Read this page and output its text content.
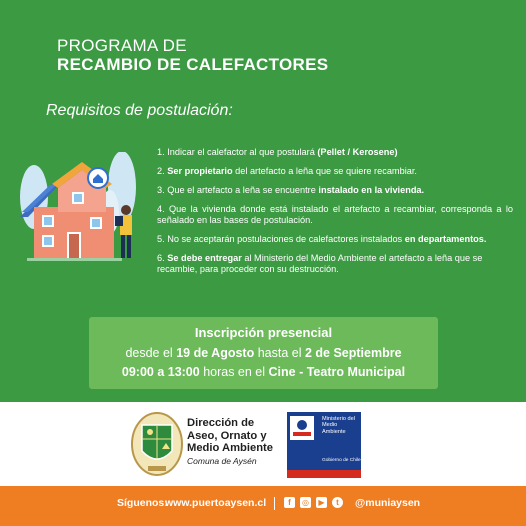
PROGRAMA DE
RECAMBIO DE CALEFACTORES
Requisitos de postulación:

1. Indicar el calefactor al que postulará (Pellet / Kerosene)

2. Ser propietario del artefacto a leña que se quiere recambiar.

3. Que el artefacto a leña se encuentre instalado en la vivienda.

4. Que la vivienda donde está instalado el artefacto a recambiar, corresponda a lo señalado en las bases de postulación.

5. No se aceptarán postulaciones de calefactores instalados en departamentos.

6. Se debe entregar al Ministerio del Medio Ambiente el artefacto a leña que se recambie, para proceder con su destrucción.

Inscripción presencial
desde el 19 de Agosto hasta el 2 de Septiembre
09:00 a 13:00 horas en el Cine - Teatro Municipal
Dirección de
Aseo, Ornato y
Medio Ambiente
Comuna de Aysén
Ministerio del
Medio
Ambiente
Gobierno de Chile
Síguenos:
www.puertoaysen.cl	@muniaysen
f	◎	▶	t
